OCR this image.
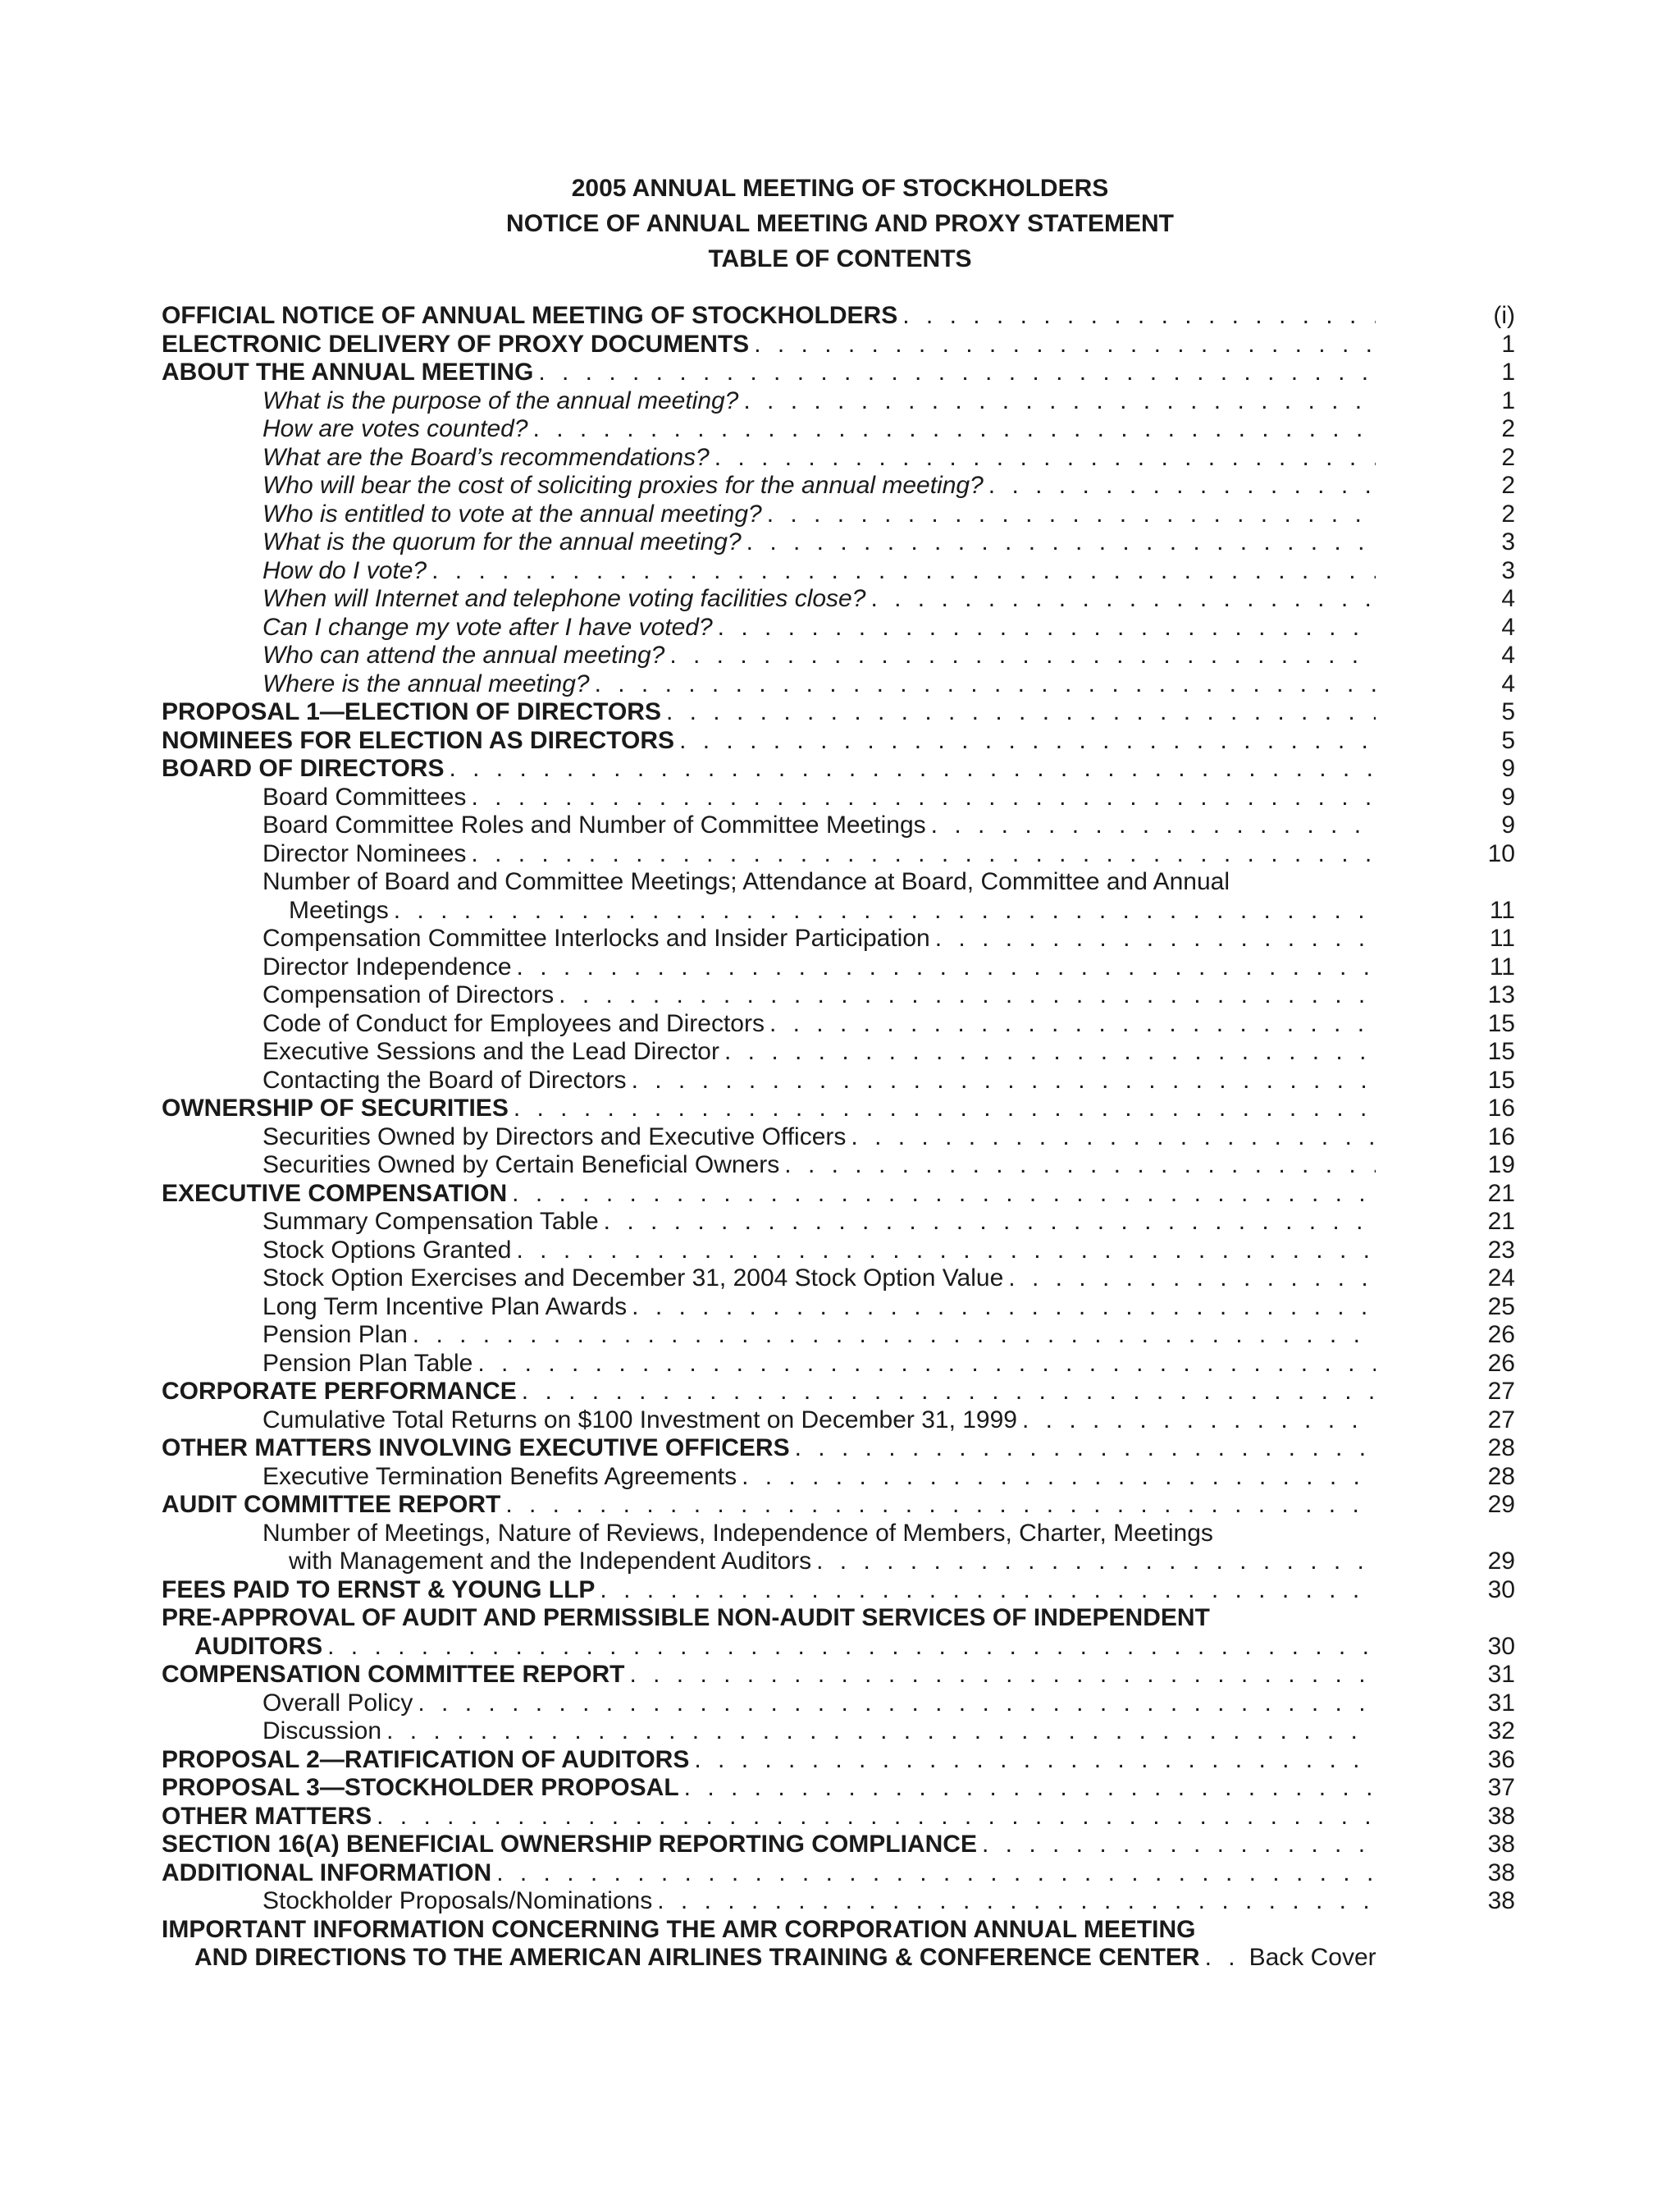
2005 ANNUAL MEETING OF STOCKHOLDERS
NOTICE OF ANNUAL MEETING AND PROXY STATEMENT
TABLE OF CONTENTS
OFFICIAL NOTICE OF ANNUAL MEETING OF STOCKHOLDERS . . .	(i)
ELECTRONIC DELIVERY OF PROXY DOCUMENTS . . .	1
ABOUT THE ANNUAL MEETING . . .	1
What is the purpose of the annual meeting? . . .	1
How are votes counted? . . .	2
What are the Board’s recommendations? . . .	2
Who will bear the cost of soliciting proxies for the annual meeting? . . .	2
Who is entitled to vote at the annual meeting? . . .	2
What is the quorum for the annual meeting? . . .	3
How do I vote? . . .	3
When will Internet and telephone voting facilities close? . . .	4
Can I change my vote after I have voted? . . .	4
Who can attend the annual meeting? . . .	4
Where is the annual meeting? . . .	4
PROPOSAL 1—ELECTION OF DIRECTORS . . .	5
NOMINEES FOR ELECTION AS DIRECTORS . . .	5
BOARD OF DIRECTORS . . .	9
Board Committees . . .	9
Board Committee Roles and Number of Committee Meetings . . .	9
Director Nominees . . .	10
Number of Board and Committee Meetings; Attendance at Board, Committee and Annual
Meetings . . .	11
Compensation Committee Interlocks and Insider Participation . . .	11
Director Independence . . .	11
Compensation of Directors . . .	13
Code of Conduct for Employees and Directors . . .	15
Executive Sessions and the Lead Director . . .	15
Contacting the Board of Directors . . .	15
OWNERSHIP OF SECURITIES . . .	16
Securities Owned by Directors and Executive Officers . . .	16
Securities Owned by Certain Beneficial Owners . . .	19
EXECUTIVE COMPENSATION . . .	21
Summary Compensation Table . . .	21
Stock Options Granted . . .	23
Stock Option Exercises and December 31, 2004 Stock Option Value . . .	24
Long Term Incentive Plan Awards . . .	25
Pension Plan . . .	26
Pension Plan Table . . .	26
CORPORATE PERFORMANCE . . .	27
Cumulative Total Returns on $100 Investment on December 31, 1999 . . .	27
OTHER MATTERS INVOLVING EXECUTIVE OFFICERS . . .	28
Executive Termination Benefits Agreements . . .	28
AUDIT COMMITTEE REPORT . . .	29
Number of Meetings, Nature of Reviews, Independence of Members, Charter, Meetings
with Management and the Independent Auditors . . .	29
FEES PAID TO ERNST & YOUNG LLP . . .	30
PRE-APPROVAL OF AUDIT AND PERMISSIBLE NON-AUDIT SERVICES OF INDEPENDENT
AUDITORS . . .	30
COMPENSATION COMMITTEE REPORT . . .	31
Overall Policy . . .	31
Discussion . . .	32
PROPOSAL 2—RATIFICATION OF AUDITORS . . .	36
PROPOSAL 3—STOCKHOLDER PROPOSAL . . .	37
OTHER MATTERS . . .	38
SECTION 16(A) BENEFICIAL OWNERSHIP REPORTING COMPLIANCE . . .	38
ADDITIONAL INFORMATION . . .	38
Stockholder Proposals/Nominations . . .	38
IMPORTANT INFORMATION CONCERNING THE AMR CORPORATION ANNUAL MEETING
AND DIRECTIONS TO THE AMERICAN AIRLINES TRAINING & CONFERENCE CENTER . . . Back Cover
